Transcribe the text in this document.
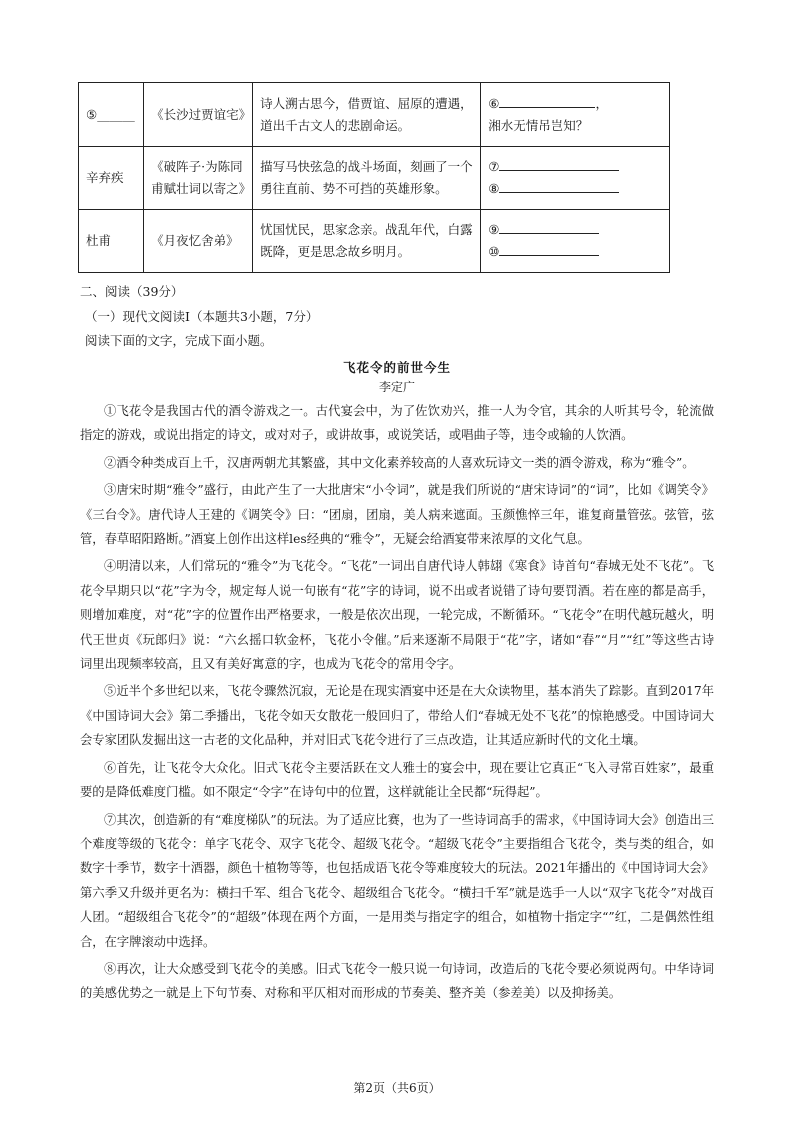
⑤______	《长沙过贾谊宅》	诗人溯古思今，借贾谊、屈原的遭遇，道出千古文人的悲剧命运。	⑥ ，
湘水无情吊岂知？

辛弃疾	《破阵子·为陈同甫赋壮词以寄之》	描写马快弦急的战斗场面，刻画了一个勇往直前、势不可挡的英雄形象。	⑦
⑧

杜甫	《月夜忆舍弟》	忧国忧民，思家念亲。战乱年代，白露既降，更是思念故乡明月。	⑨
⑩
二、阅读（39分）
（一）现代文阅读Ⅰ（本题共3小题，7分）
阅读下面的文字，完成下面小题。
飞花令的前世今生
李定广

①飞花令是我国古代的酒令游戏之一。古代宴会中，为了佐饮劝兴，推一人为令官，其余的人听其号令，轮流做指定的游戏，或说出指定的诗文，或对对子，或讲故事，或说笑话，或唱曲子等，违令或输的人饮酒。

②酒令种类成百上千，汉唐两朝尤其繁盛，其中文化素养较高的人喜欢玩诗文一类的酒令游戏，称为“雅令”。

③唐宋时期“雅令”盛行，由此产生了一大批唐宋“小令词”，就是我们所说的“唐宋诗词”的“词”，比如《调笑令》《三台令》。唐代诗人王建的《调笑令》曰：“团扇，团扇，美人病来遮面。玉颜憔悴三年，谁复商量管弦。弦管，弦管，春草昭阳路断。”酒宴上创作出这样les经典的“雅令”，无疑会给酒宴带来浓厚的文化气息。

④明清以来，人们常玩的“雅令”为飞花令。“飞花”一词出自唐代诗人韩翃《寒食》诗首句“春城无处不飞花”。飞花令早期只以“花”字为令，规定每人说一句嵌有“花”字的诗词，说不出或者说错了诗句要罚酒。若在座的都是高手，则增加难度，对“花”字的位置作出严格要求，一般是依次出现，一轮完成，不断循环。“飞花令”在明代越玩越火，明代王世贞《玩郎归》说：“六幺摇口软金杯，飞花小令催。”后来逐渐不局限于“花”字，诸如“春”“月”“红”等这些古诗词里出现频率较高，且又有美好寓意的字，也成为飞花令的常用令字。

⑤近半个多世纪以来，飞花令骤然沉寂，无论是在现实酒宴中还是在大众读物里，基本消失了踪影。直到2017年《中国诗词大会》第二季播出，飞花令如天女散花一般回归了，带给人们“春城无处不飞花”的惊艳感受。中国诗词大会专家团队发掘出这一古老的文化品种，并对旧式飞花令进行了三点改造，让其适应新时代的文化土壤。

⑥首先，让飞花令大众化。旧式飞花令主要活跃在文人雅士的宴会中，现在要让它真正“飞入寻常百姓家”，最重要的是降低难度门槛。如不限定“令字”在诗句中的位置，这样就能让全民都“玩得起”。

⑦其次，创造新的有“难度梯队”的玩法。为了适应比赛，也为了一些诗词高手的需求，《中国诗词大会》创造出三个难度等级的飞花令：单字飞花令、双字飞花令、超级飞花令。“超级飞花令”主要指组合飞花令，类与类的组合，如数字十季节，数字十酒器，颜色十植物等等，也包括成语飞花令等难度较大的玩法。2021年播出的《中国诗词大会》第六季又升级并更名为：横扫千军、组合飞花令、超级组合飞花令。“横扫千军”就是选手一人以“双字飞花令”对战百人团。“超级组合飞花令”的“超级”体现在两个方面，一是用类与指定字的组合，如植物十指定字“”红，二是偶然性组合，在字牌滚动中选择。

⑧再次，让大众感受到飞花令的美感。旧式飞花令一般只说一句诗词，改造后的飞花令要必须说两句。中华诗词的美感优势之一就是上下句节奏、对称和平仄相对而形成的节奏美、整齐美（参差美）以及抑扬美。

第2页（共6页）
